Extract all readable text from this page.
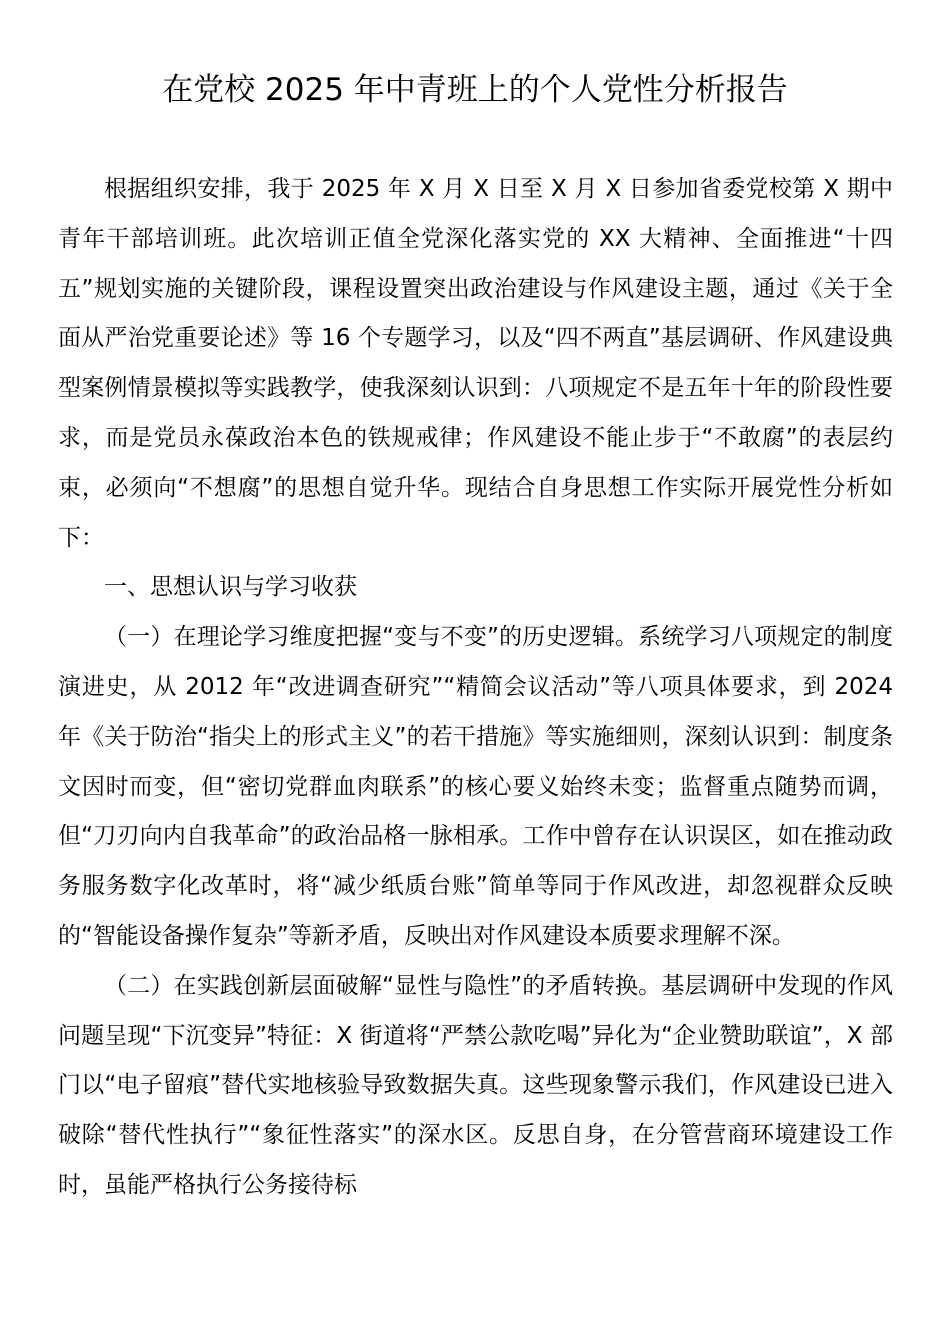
在党校 2025 年中青班上的个人党性分析报告

根据组织安排，我于 2025 年 X 月 X 日至 X 月 X 日参加省委党校第 X 期中青年干部培训班。此次培训正值全党深化落实党的 XX 大精神、全面推进“十四五”规划实施的关键阶段，课程设置突出政治建设与作风建设主题，通过《关于全面从严治党重要论述》等 16 个专题学习，以及“四不两直”基层调研、作风建设典型案例情景模拟等实践教学，使我深刻认识到：八项规定不是五年十年的阶段性要求，而是党员永葆政治本色的铁规戒律；作风建设不能止步于“不敢腐”的表层约束，必须向“不想腐”的思想自觉升华。现结合自身思想工作实际开展党性分析如下：

一、思想认识与学习收获

（一）在理论学习维度把握“变与不变”的历史逻辑。系统学习八项规定的制度演进史，从 2012 年“改进调查研究”“精简会议活动”等八项具体要求，到 2024 年《关于防治“指尖上的形式主义”的若干措施》等实施细则，深刻认识到：制度条文因时而变，但“密切党群血肉联系”的核心要义始终未变；监督重点随势而调，但“刀刃向内自我革命”的政治品格一脉相承。工作中曾存在认识误区，如在推动政务服务数字化改革时，将“减少纸质台账”简单等同于作风改进，却忽视群众反映的“智能设备操作复杂”等新矛盾，反映出对作风建设本质要求理解不深。

（二）在实践创新层面破解“显性与隐性”的矛盾转换。基层调研中发现的作风问题呈现“下沉变异”特征：X 街道将“严禁公款吃喝”异化为“企业赞助联谊”，X 部门以“电子留痕”替代实地核验导致数据失真。这些现象警示我们，作风建设已进入破除“替代性执行”“象征性落实”的深水区。反思自身，在分管营商环境建设工作时，虽能严格执行公务接待标
